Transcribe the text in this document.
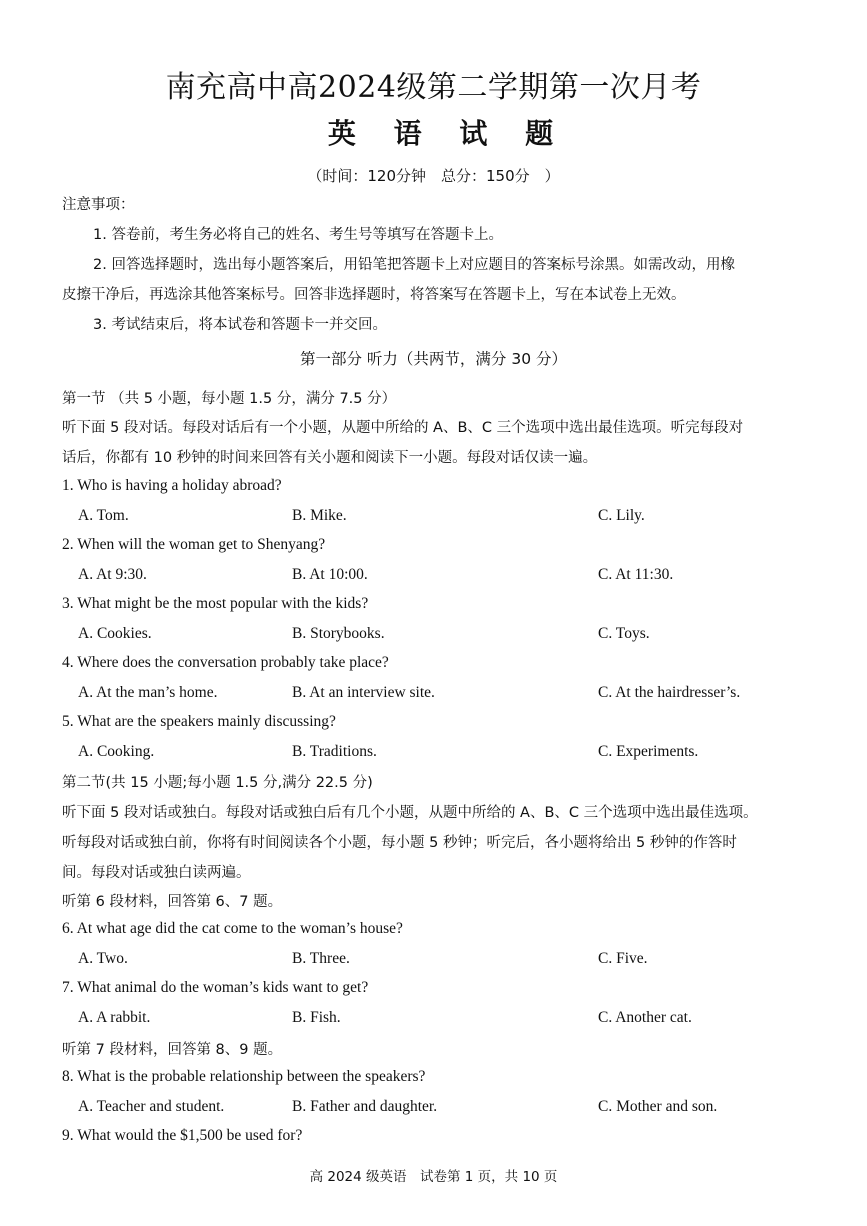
南充高中高2024级第二学期第一次月考
英 语 试 题
（时间：120分钟　总分：150分　）
注意事项：
1. 答卷前，考生务必将自己的姓名、考生号等填写在答题卡上。
2. 回答选择题时，选出每小题答案后，用铅笔把答题卡上对应题目的答案标号涂黑。如需改动，用橡
皮擦干净后，再选涂其他答案标号。回答非选择题时，将答案写在答题卡上，写在本试卷上无效。
3. 考试结束后，将本试卷和答题卡一并交回。
第一部分 听力（共两节，满分 30 分）
第一节 （共 5 小题，每小题 1.5 分，满分 7.5 分）
听下面 5 段对话。每段对话后有一个小题，从题中所给的 A、B、C 三个选项中选出最佳选项。听完每段对
话后，你都有 10 秒钟的时间来回答有关小题和阅读下一小题。每段对话仅读一遍。
1. Who is having a holiday abroad?
A. Tom.	B. Mike.	C. Lily.
2. When will the woman get to Shenyang?
A. At 9:30.	B. At 10:00.	C. At 11:30.
3. What might be the most popular with the kids?
A. Cookies.	B. Storybooks.	C. Toys.
4. Where does the conversation probably take place?
A. At the man’s home.	B. At an interview site.	C. At the hairdresser’s.
5. What are the speakers mainly discussing?
A. Cooking.	B. Traditions.	C. Experiments.
第二节(共 15 小题;每小题 1.5 分,满分 22.5 分)
听下面 5 段对话或独白。每段对话或独白后有几个小题，从题中所给的 A、B、C 三个选项中选出最佳选项。
听每段对话或独白前，你将有时间阅读各个小题，每小题 5 秒钟；听完后，各小题将给出 5 秒钟的作答时
间。每段对话或独白读两遍。
听第 6 段材料，回答第 6、7 题。
6. At what age did the cat come to the woman’s house?
A. Two.	B. Three.	C. Five.
7. What animal do the woman’s kids want to get?
A. A rabbit.	B. Fish.	C. Another cat.
听第 7 段材料，回答第 8、9 题。
8. What is the probable relationship between the speakers?
A. Teacher and student.	B. Father and daughter.	C. Mother and son.
9. What would the $1,500 be used for?
高 2024 级英语　试卷第 1 页，共 10 页
